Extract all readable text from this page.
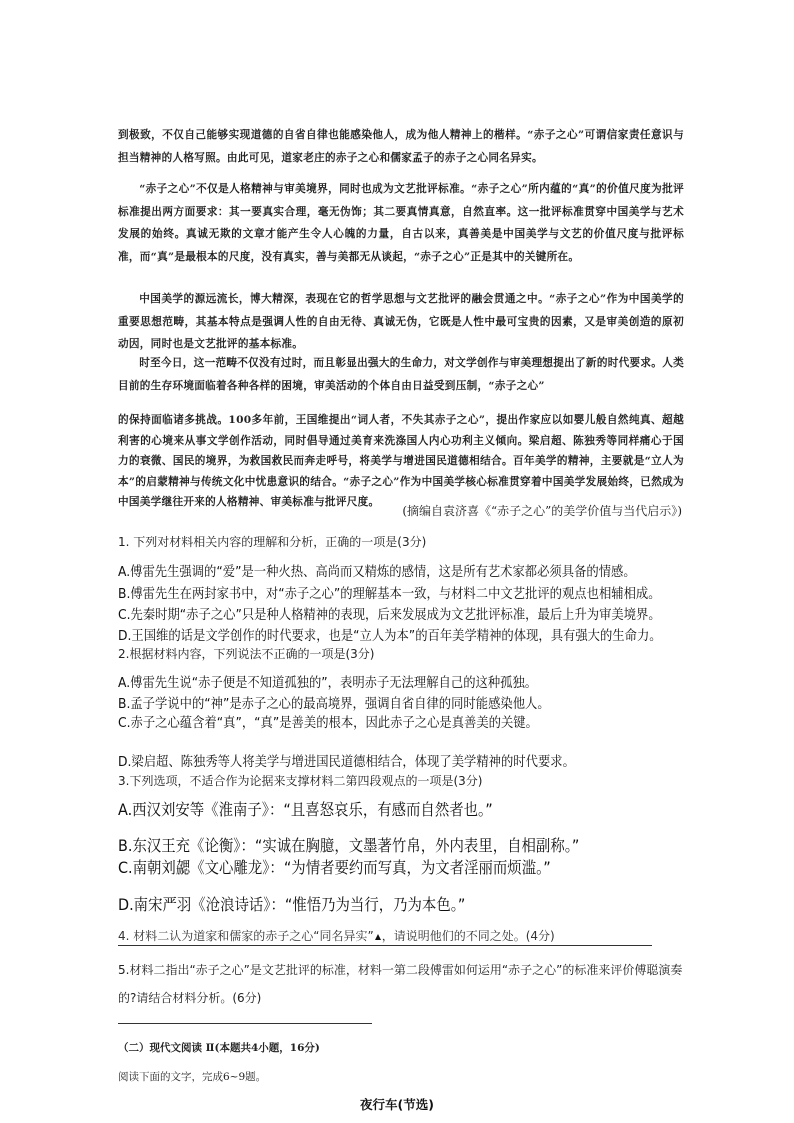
到极致，不仅自己能够实现道德的自省自律也能感染他人，成为他人精神上的楷样。“赤子之心”可谓信家责任意识与担当精神的人格写照。由此可见，道家老庄的赤子之心和儒家孟子的赤子之心同名异实。
“赤子之心”不仅是人格精神与审美境界，同时也成为文艺批评标准。“赤子之心”所内蕴的“真”的价值尺度为批评标准提出两方面要求：其一要真实合理，毫无伪饰；其二要真情真意，自然直率。这一批评标准贯穿中国美学与艺术发展的始终。真诚无欺的文章才能产生令人心魄的力量，自古以来，真善美是中国美学与文艺的价值尺度与批评标准，而“真”是最根本的尺度，没有真实，善与美都无从谈起，“赤子之心”正是其中的关键所在。
中国美学的源远流长，博大精深，表现在它的哲学思想与文艺批评的融会贯通之中。“赤子之心”作为中国美学的重要思想范畴，其基本特点是强调人性的自由无待、真诚无伪，它既是人性中最可宝贵的因素，又是审美创造的原初动因，同时也是文艺批评的基本标准。
时至今日，这一范畴不仅没有过时，而且彰显出强大的生命力，对文学创作与审美理想提出了新的时代要求。人类目前的生存环境面临着各种各样的困境，审美活动的个体自由日益受到压制，“赤子之心”
的保持面临诸多挑战。100多年前，王国维提出“词人者，不失其赤子之心”，提出作家应以如婴儿般自然纯真、超越利害的心境来从事文学创作活动，同时倡导通过美育来洗涤国人内心功利主义倾向。梁启超、陈独秀等同样痛心于国力的衰微、国民的境界，为救国救民而奔走呼号，将美学与增进国民道德相结合。百年美学的精神，主要就是“立人为本”的启蒙精神与传统文化中忧患意识的结合。“赤子之心”作为中国美学核心标准贯穿着中国美学发展始终，已然成为中国美学继往开来的人格精神、审美标准与批评尺度。
(摘编自袁济喜《“赤子之心”的美学价值与当代启示》)
1. 下列对材料相关内容的理解和分析，正确的一项是(3分)
A.傅雷先生强调的“爱”是一种火热、高尚而又精炼的感情，这是所有艺术家都必须具备的情感。
B.傅雷先生在两封家书中，对“赤子之心”的理解基本一致，与材料二中文艺批评的观点也相辅相成。
C.先秦时期“赤子之心”只是种人格精神的表现，后来发展成为文艺批评标准，最后上升为审美境界。
D.王国维的话是文学创作的时代要求，也是“立人为本”的百年美学精神的体现，具有强大的生命力。
2.根据材料内容，下列说法不正确的一项是(3分)
A.傅雷先生说“赤子便是不知道孤独的”，表明赤子无法理解自己的这种孤独。
B.孟子学说中的“神”是赤子之心的最高境界，强调自省自律的同时能感染他人。
C.赤子之心蕴含着“真”，“真”是善美的根本，因此赤子之心是真善美的关键。
D.梁启超、陈独秀等人将美学与增进国民道德相结合，体现了美学精神的时代要求。
3.下列选项，不适合作为论据来支撑材料二第四段观点的一项是(3分)
A.西汉刘安等《淮南子》：“且喜怒哀乐，有感而自然者也。”
B.东汉王充《论衡》：“实诚在胸臆，文墨著竹帛，外内表里，自相副称。”
C.南朝刘勰《文心雕龙》：“为情者要约而写真，为文者淫丽而烦滥。”
D.南宋严羽《沧浪诗话》：“惟悟乃为当行，乃为本色。”
4. 材料二认为道家和儒家的赤子之心“同名异实” ，请说明他们的不同之处。(4分)
5.材料二指出“赤子之心”是文艺批评的标准，材料一第二段傅雷如何运用“赤子之心”的标准来评价傅聪演奏的?请结合材料分析。(6分)
（二）现代文阅读 Ⅱ(本题共4小题，16分)
阅读下面的文字，完成6~9题。
夜行车(节选)
